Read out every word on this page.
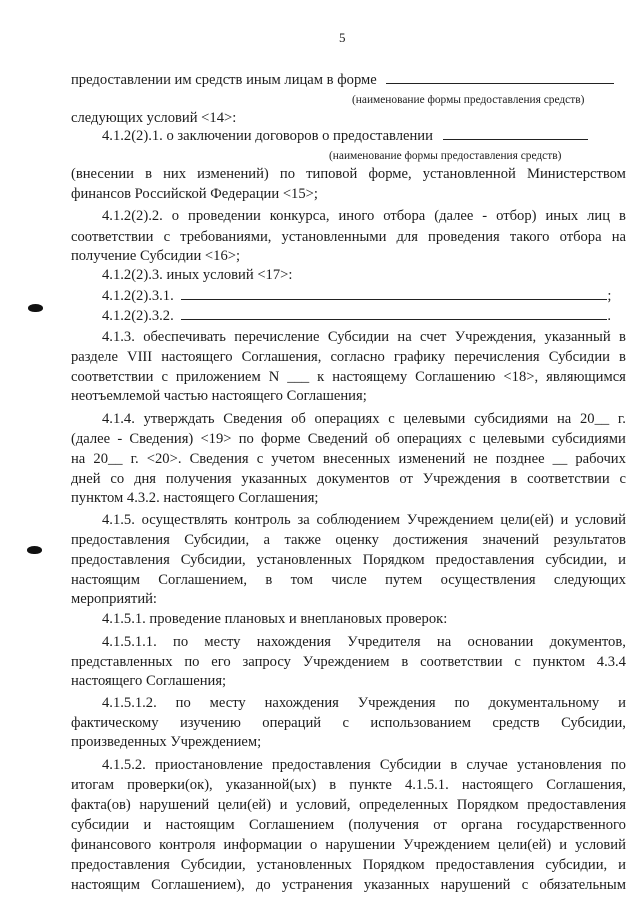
5
предоставлении им средств иным лицам в форме
(наименование формы предоставления средств)
следующих условий <14>:
4.1.2(2).1. о заключении договоров о предоставлении
(наименование формы предоставления средств)
(внесении в них изменений) по типовой форме, установленной Министерством
финансов Российской Федерации <15>;
4.1.2(2).2. о проведении конкурса, иного отбора (далее - отбор) иных лиц в
соответствии с требованиями, установленными для проведения такого отбора на
получение Субсидии <16>;
4.1.2(2).3. иных условий <17>:
4.1.2(2).3.1.	;
4.1.2(2).3.2.	.
4.1.3. обеспечивать перечисление Субсидии на счет Учреждения, указанный в
разделе VIII настоящего Соглашения, согласно графику перечисления Субсидии в
соответствии с приложением N ___ к настоящему Соглашению <18>, являющимся
неотъемлемой частью настоящего Соглашения;
4.1.4. утверждать Сведения об операциях с целевыми субсидиями на 20__ г.
(далее - Сведения) <19> по форме Сведений об операциях с целевыми субсидиями
на 20__ г. <20>. Сведения с учетом внесенных изменений не позднее __ рабочих
дней со дня получения указанных документов от Учреждения в соответствии с
пунктом 4.3.2. настоящего Соглашения;
4.1.5. осуществлять контроль за соблюдением Учреждением цели(ей) и условий
предоставления Субсидии, а также оценку достижения значений результатов
предоставления Субсидии, установленных Порядком предоставления субсидии, и
настоящим Соглашением, в том числе путем осуществления следующих
мероприятий:
4.1.5.1. проведение плановых и внеплановых проверок:
4.1.5.1.1. по месту нахождения Учредителя на основании документов,
представленных по его запросу Учреждением в соответствии с пунктом 4.3.4
настоящего Соглашения;
4.1.5.1.2. по месту нахождения Учреждения по документальному и
фактическому изучению операций с использованием средств Субсидии,
произведенных Учреждением;
4.1.5.2. приостановление предоставления Субсидии в случае установления по
итогам проверки(ок), указанной(ых) в пункте 4.1.5.1. настоящего Соглашения,
факта(ов) нарушений цели(ей) и условий, определенных Порядком предоставления
субсидии и настоящим Соглашением (получения от органа государственного
финансового контроля информации о нарушении Учреждением цели(ей) и условий
предоставления Субсидии, установленных Порядком предоставления субсидии, и
настоящим Соглашением), до устранения указанных нарушений с обязательным
